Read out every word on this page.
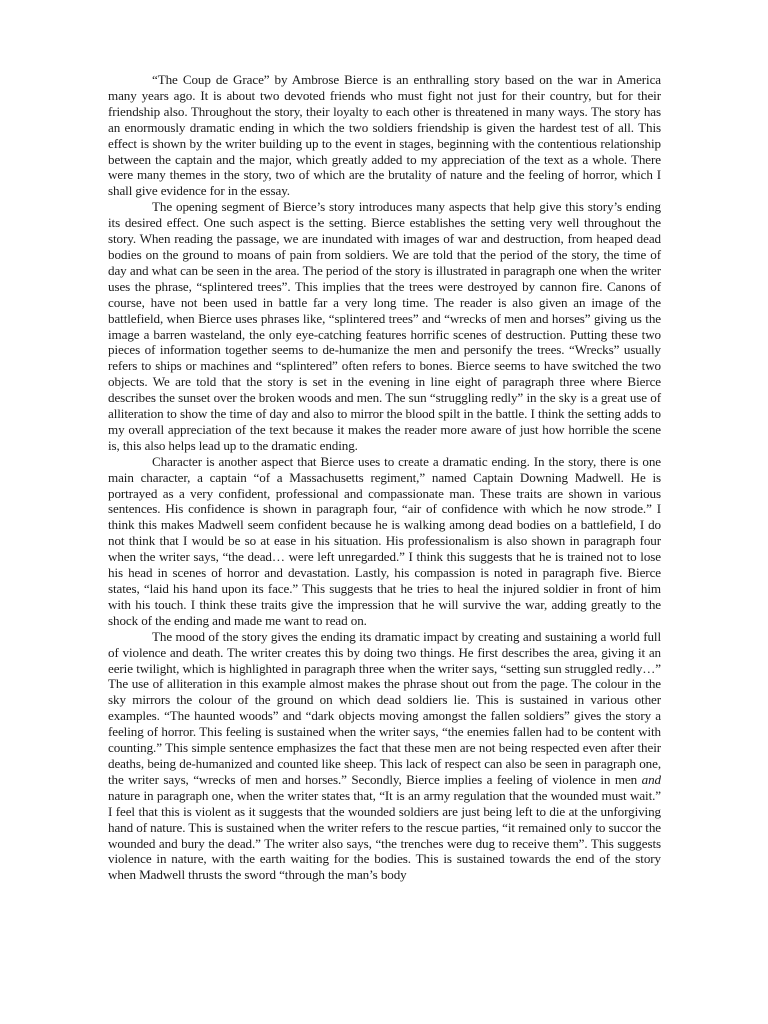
“The Coup de Grace” by Ambrose Bierce is an enthralling story based on the war in America many years ago. It is about two devoted friends who must fight not just for their country, but for their friendship also. Throughout the story, their loyalty to each other is threatened in many ways. The story has an enormously dramatic ending in which the two soldiers friendship is given the hardest test of all. This effect is shown by the writer building up to the event in stages, beginning with the contentious relationship between the captain and the major, which greatly added to my appreciation of the text as a whole. There were many themes in the story, two of which are the brutality of nature and the feeling of horror, which I shall give evidence for in the essay.

The opening segment of Bierce’s story introduces many aspects that help give this story’s ending its desired effect. One such aspect is the setting. Bierce establishes the setting very well throughout the story. When reading the passage, we are inundated with images of war and destruction, from heaped dead bodies on the ground to moans of pain from soldiers. We are told that the period of the story, the time of day and what can be seen in the area. The period of the story is illustrated in paragraph one when the writer uses the phrase, “splintered trees”. This implies that the trees were destroyed by cannon fire. Canons of course, have not been used in battle far a very long time. The reader is also given an image of the battlefield, when Bierce uses phrases like, “splintered trees” and “wrecks of men and horses” giving us the image a barren wasteland, the only eye-catching features horrific scenes of destruction. Putting these two pieces of information together seems to de-humanize the men and personify the trees. “Wrecks” usually refers to ships or machines and “splintered” often refers to bones. Bierce seems to have switched the two objects. We are told that the story is set in the evening in line eight of paragraph three where Bierce describes the sunset over the broken woods and men. The sun “struggling redly” in the sky is a great use of alliteration to show the time of day and also to mirror the blood spilt in the battle. I think the setting adds to my overall appreciation of the text because it makes the reader more aware of just how horrible the scene is, this also helps lead up to the dramatic ending.

Character is another aspect that Bierce uses to create a dramatic ending. In the story, there is one main character, a captain “of a Massachusetts regiment,” named Captain Downing Madwell. He is portrayed as a very confident, professional and compassionate man. These traits are shown in various sentences. His confidence is shown in paragraph four, “air of confidence with which he now strode.” I think this makes Madwell seem confident because he is walking among dead bodies on a battlefield, I do not think that I would be so at ease in his situation. His professionalism is also shown in paragraph four when the writer says, “the dead… were left unregarded.” I think this suggests that he is trained not to lose his head in scenes of horror and devastation. Lastly, his compassion is noted in paragraph five. Bierce states, “laid his hand upon its face.” This suggests that he tries to heal the injured soldier in front of him with his touch. I think these traits give the impression that he will survive the war, adding greatly to the shock of the ending and made me want to read on.

The mood of the story gives the ending its dramatic impact by creating and sustaining a world full of violence and death. The writer creates this by doing two things. He first describes the area, giving it an eerie twilight, which is highlighted in paragraph three when the writer says, “setting sun struggled redly…” The use of alliteration in this example almost makes the phrase shout out from the page. The colour in the sky mirrors the colour of the ground on which dead soldiers lie. This is sustained in various other examples. “The haunted woods” and “dark objects moving amongst the fallen soldiers” gives the story a feeling of horror. This feeling is sustained when the writer says, “the enemies fallen had to be content with counting.” This simple sentence emphasizes the fact that these men are not being respected even after their deaths, being de-humanized and counted like sheep. This lack of respect can also be seen in paragraph one, the writer says, “wrecks of men and horses.” Secondly, Bierce implies a feeling of violence in men and nature in paragraph one, when the writer states that, “It is an army regulation that the wounded must wait.” I feel that this is violent as it suggests that the wounded soldiers are just being left to die at the unforgiving hand of nature. This is sustained when the writer refers to the rescue parties, “it remained only to succor the wounded and bury the dead.” The writer also says, “the trenches were dug to receive them”. This suggests violence in nature, with the earth waiting for the bodies. This is sustained towards the end of the story when Madwell thrusts the sword “through the man’s body
